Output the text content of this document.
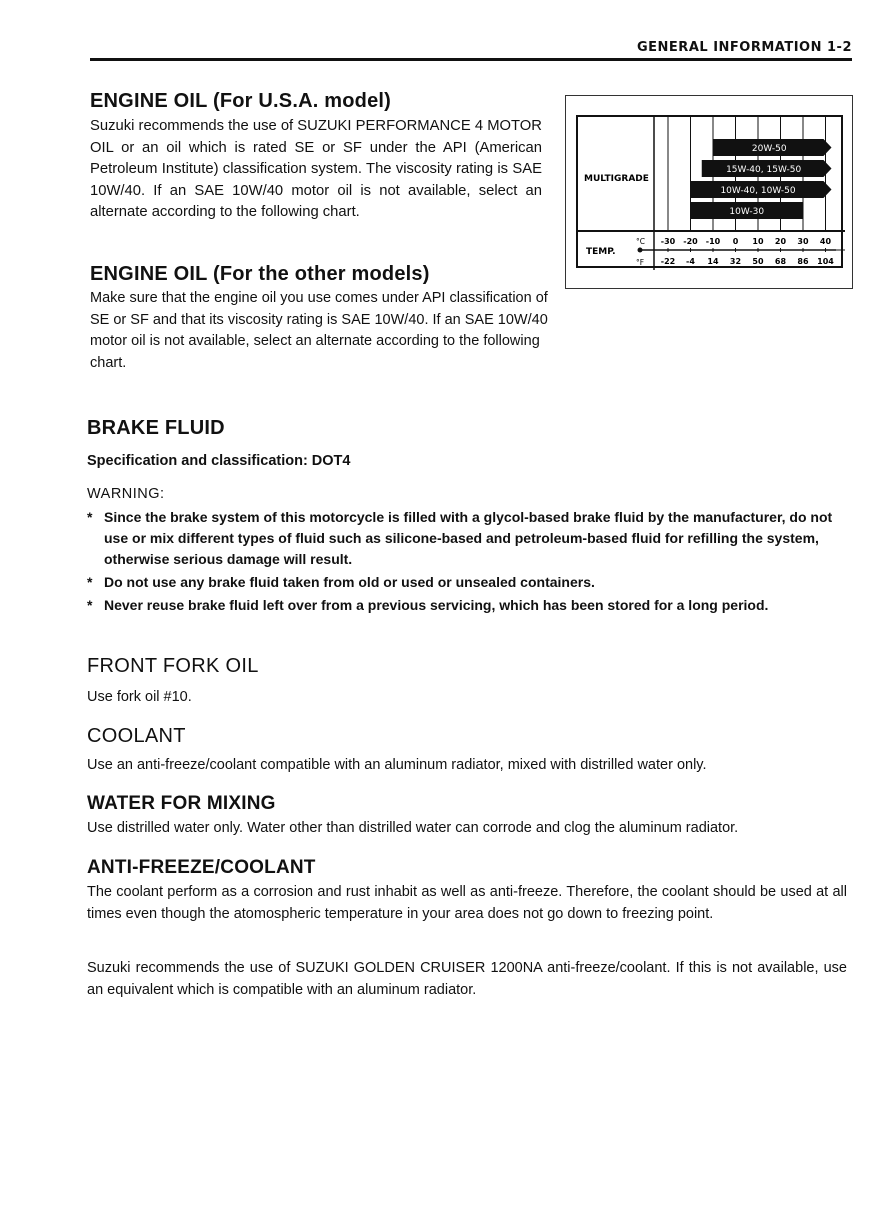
GENERAL INFORMATION 1-2
ENGINE OIL (For U.S.A. model)

Suzuki recommends the use of SUZUKI PERFORMANCE 4 MOTOR OIL or an oil which is rated SE or SF under the API (American Petroleum Institute) classification system. The viscosity rating is SAE 10W/40. If an SAE 10W/40 motor oil is not available, select an alternate according to the following chart.

MULTIGRADE
TEMP.
°C
°F
20W-50
15W-40, 15W-50
10W-40, 10W-50
10W-30
-30
-22
-20
-4
-10
14
0
32
10
50
20
68
30
86
40
104
ENGINE OIL (For the other models)

Make sure that the engine oil you use comes under API classification of SE or SF and that its viscosity rating is SAE 10W/40. If an SAE 10W/40 motor oil is not available, select an alternate according to the following chart.

BRAKE FLUID
Specification and classification: DOT4
WARNING:
* Since the brake system of this motorcycle is filled with a glycol-based brake fluid by the manufacturer, do not use or mix different types of fluid such as silicone-based and petroleum-based fluid for refilling the system, otherwise serious damage will result.
* Do not use any brake fluid taken from old or used or unsealed containers.
* Never reuse brake fluid left over from a previous servicing, which has been stored for a long period.
FRONT FORK OIL

Use fork oil #10.

COOLANT

Use an anti-freeze/coolant compatible with an aluminum radiator, mixed with distrilled water only.

WATER FOR MIXING

Use distrilled water only. Water other than distrilled water can corrode and clog the aluminum radiator.

ANTI-FREEZE/COOLANT

The coolant perform as a corrosion and rust inhabit as well as anti-freeze. Therefore, the coolant should be used at all times even though the atomospheric temperature in your area does not go down to freezing point.

Suzuki recommends the use of SUZUKI GOLDEN CRUISER 1200NA anti-freeze/coolant. If this is not available, use an equivalent which is compatible with an aluminum radiator.
